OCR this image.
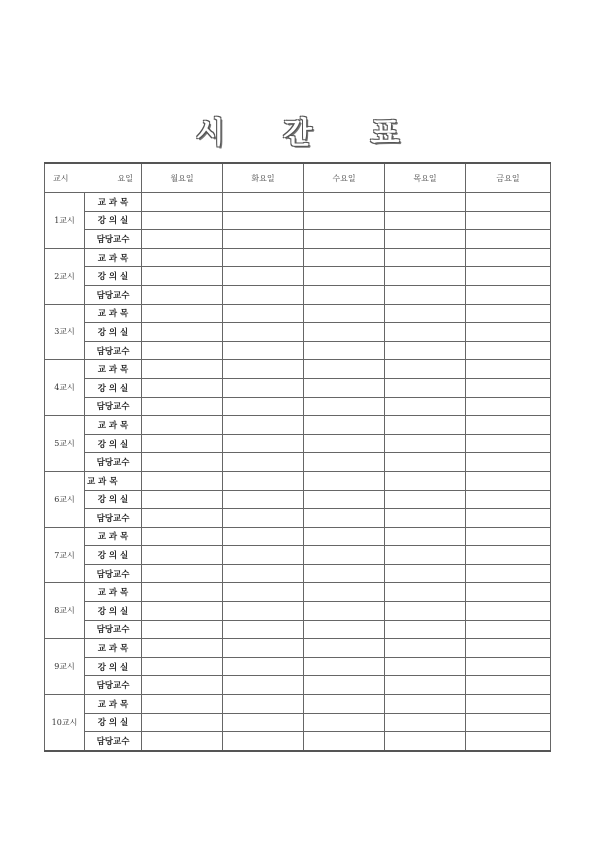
시 간 표
교시	요일	월요일	화요일	수요일	목요일	금요일
1교시	교 과 목					
	강 의 실					
	담당교수					
2교시	교 과 목					
	강 의 실					
	담당교수					
3교시	교 과 목					
	강 의 실					
	담당교수					
4교시	교 과 목					
	강 의 실					
	담당교수					
5교시	교 과 목					
	강 의 실					
	담당교수					
6교시	교 과 목					
	강 의 실					
	담당교수					
7교시	교 과 목					
	강 의 실					
	담당교수					
8교시	교 과 목					
	강 의 실					
	담당교수					
9교시	교 과 목					
	강 의 실					
	담당교수					
10교시	교 과 목					
	강 의 실					
	담당교수					
